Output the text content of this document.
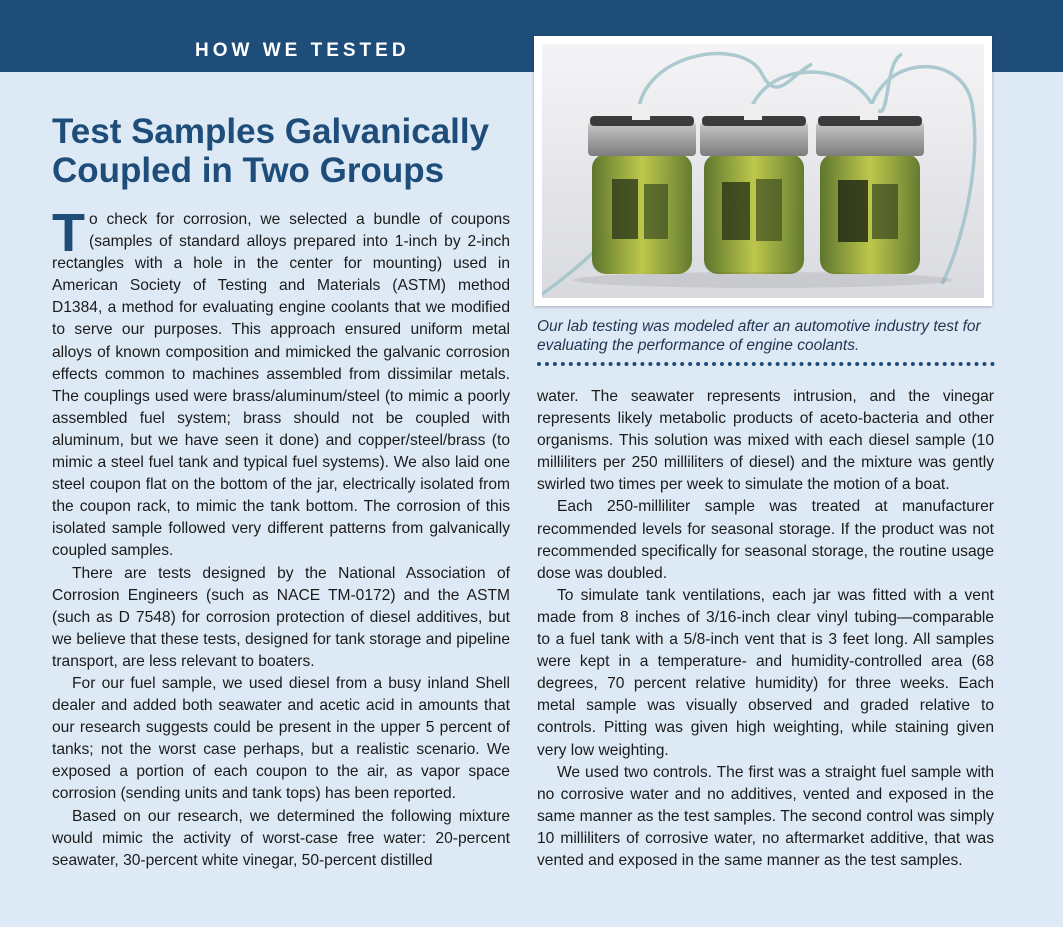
HOW WE TESTED
Our lab testing was modeled after an automotive industry test for evaluating the performance of engine coolants.
Test Samples Galvanically Coupled in Two Groups

To check for corrosion, we selected a bundle of coupons (samples of standard alloys prepared into 1-inch by 2-inch rectangles with a hole in the center for mounting) used in American Society of Testing and Materials (ASTM) method D1384, a method for evaluating engine coolants that we modified to serve our purposes. This approach ensured uniform metal alloys of known composition and mimicked the galvanic corrosion effects common to machines assembled from dissimilar metals. The couplings used were brass/aluminum/steel (to mimic a poorly assembled fuel system; brass should not be coupled with aluminum, but we have seen it done) and copper/steel/brass (to mimic a steel fuel tank and typical fuel systems). We also laid one steel coupon flat on the bottom of the jar, electrically isolated from the coupon rack, to mimic the tank bottom. The corrosion of this isolated sample followed very different patterns from galvanically coupled samples.

There are tests designed by the National Association of Corrosion Engineers (such as NACE TM-0172) and the ASTM (such as D 7548) for corrosion protection of diesel additives, but we believe that these tests, designed for tank storage and pipeline transport, are less relevant to boaters.

For our fuel sample, we used diesel from a busy inland Shell dealer and added both seawater and acetic acid in amounts that our research suggests could be present in the upper 5 percent of tanks; not the worst case perhaps, but a realistic scenario. We exposed a portion of each coupon to the air, as vapor space corrosion (sending units and tank tops) has been reported.

Based on our research, we determined the following mixture would mimic the activity of worst-case free water: 20-percent seawater, 30-percent white vinegar, 50-percent distilled

water. The seawater represents intrusion, and the vinegar represents likely metabolic products of aceto-bacteria and other organisms. This solution was mixed with each diesel sample (10 milliliters per 250 milliliters of diesel) and the mixture was gently swirled two times per week to simulate the motion of a boat.

Each 250-milliliter sample was treated at manufacturer recommended levels for seasonal storage. If the product was not recommended specifically for seasonal storage, the routine usage dose was doubled.

To simulate tank ventilations, each jar was fitted with a vent made from 8 inches of 3/16-inch clear vinyl tubing—comparable to a fuel tank with a 5/8-inch vent that is 3 feet long. All samples were kept in a temperature- and humidity-controlled area (68 degrees, 70 percent relative humidity) for three weeks. Each metal sample was visually observed and graded relative to controls. Pitting was given high weighting, while staining given very low weighting.

We used two controls. The first was a straight fuel sample with no corrosive water and no additives, vented and exposed in the same manner as the test samples. The second control was simply 10 milliliters of corrosive water, no aftermarket additive, that was vented and exposed in the same manner as the test samples.
